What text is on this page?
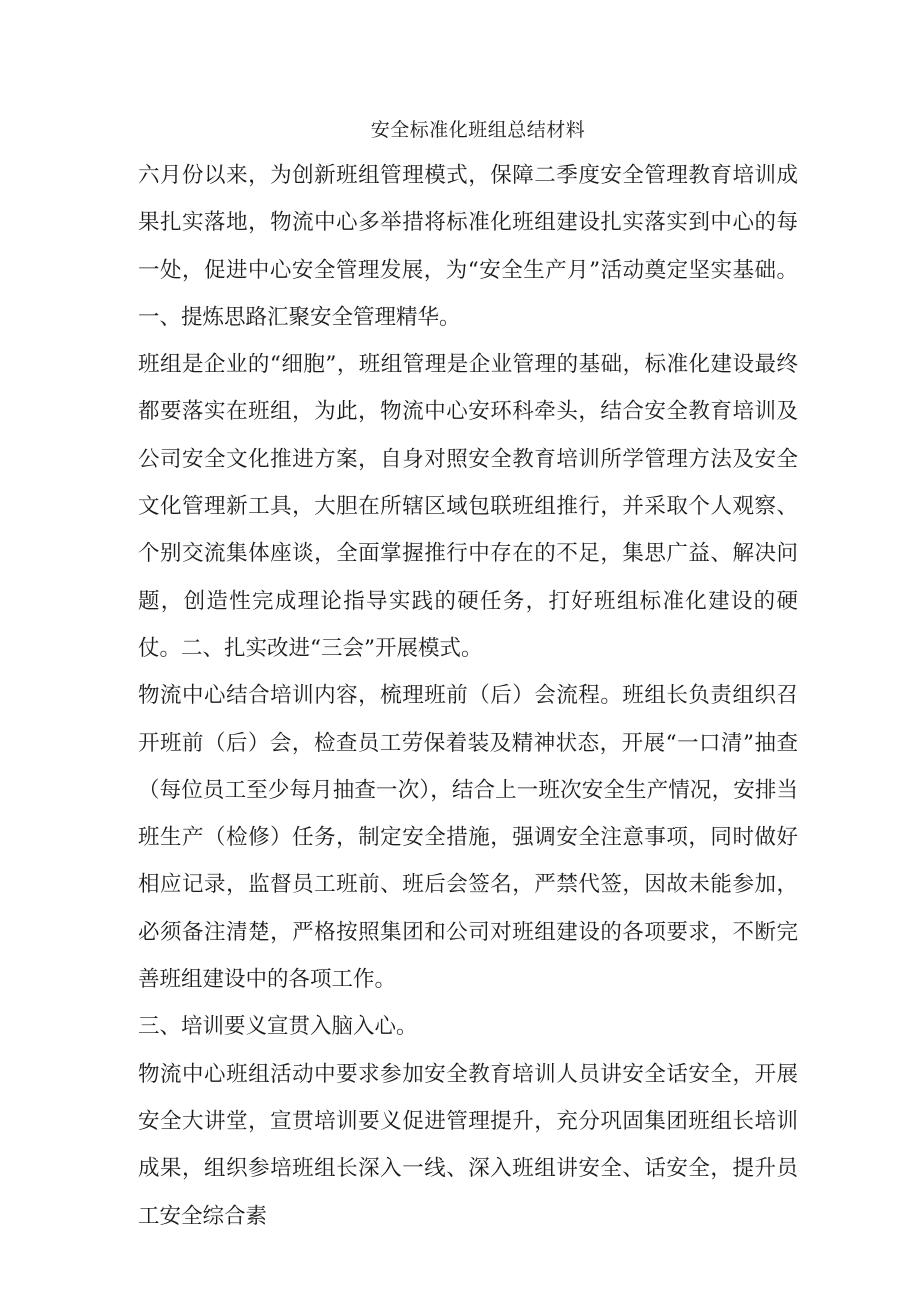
安全标准化班组总结材料

六月份以来，为创新班组管理模式，保障二季度安全管理教育培训成果扎实落地，物流中心多举措将标准化班组建设扎实落实到中心的每一处，促进中心安全管理发展，为“安全生产月”活动奠定坚实基础。一、提炼思路汇聚安全管理精华。

班组是企业的“细胞”，班组管理是企业管理的基础，标准化建设最终都要落实在班组，为此，物流中心安环科牵头，结合安全教育培训及公司安全文化推进方案，自身对照安全教育培训所学管理方法及安全文化管理新工具，大胆在所辖区域包联班组推行，并采取个人观察、个别交流集体座谈，全面掌握推行中存在的不足，集思广益、解决问题，创造性完成理论指导实践的硬任务，打好班组标准化建设的硬仗。二、扎实改进“三会”开展模式。

物流中心结合培训内容，梳理班前（后）会流程。班组长负责组织召开班前（后）会，检查员工劳保着装及精神状态，开展“一口清”抽查（每位员工至少每月抽查一次），结合上一班次安全生产情况，安排当班生产（检修）任务，制定安全措施，强调安全注意事项，同时做好相应记录，监督员工班前、班后会签名，严禁代签，因故未能参加，必须备注清楚，严格按照集团和公司对班组建设的各项要求，不断完善班组建设中的各项工作。

三、培训要义宣贯入脑入心。

物流中心班组活动中要求参加安全教育培训人员讲安全话安全，开展安全大讲堂，宣贯培训要义促进管理提升，充分巩固集团班组长培训成果，组织参培班组长深入一线、深入班组讲安全、话安全，提升员工安全综合素
